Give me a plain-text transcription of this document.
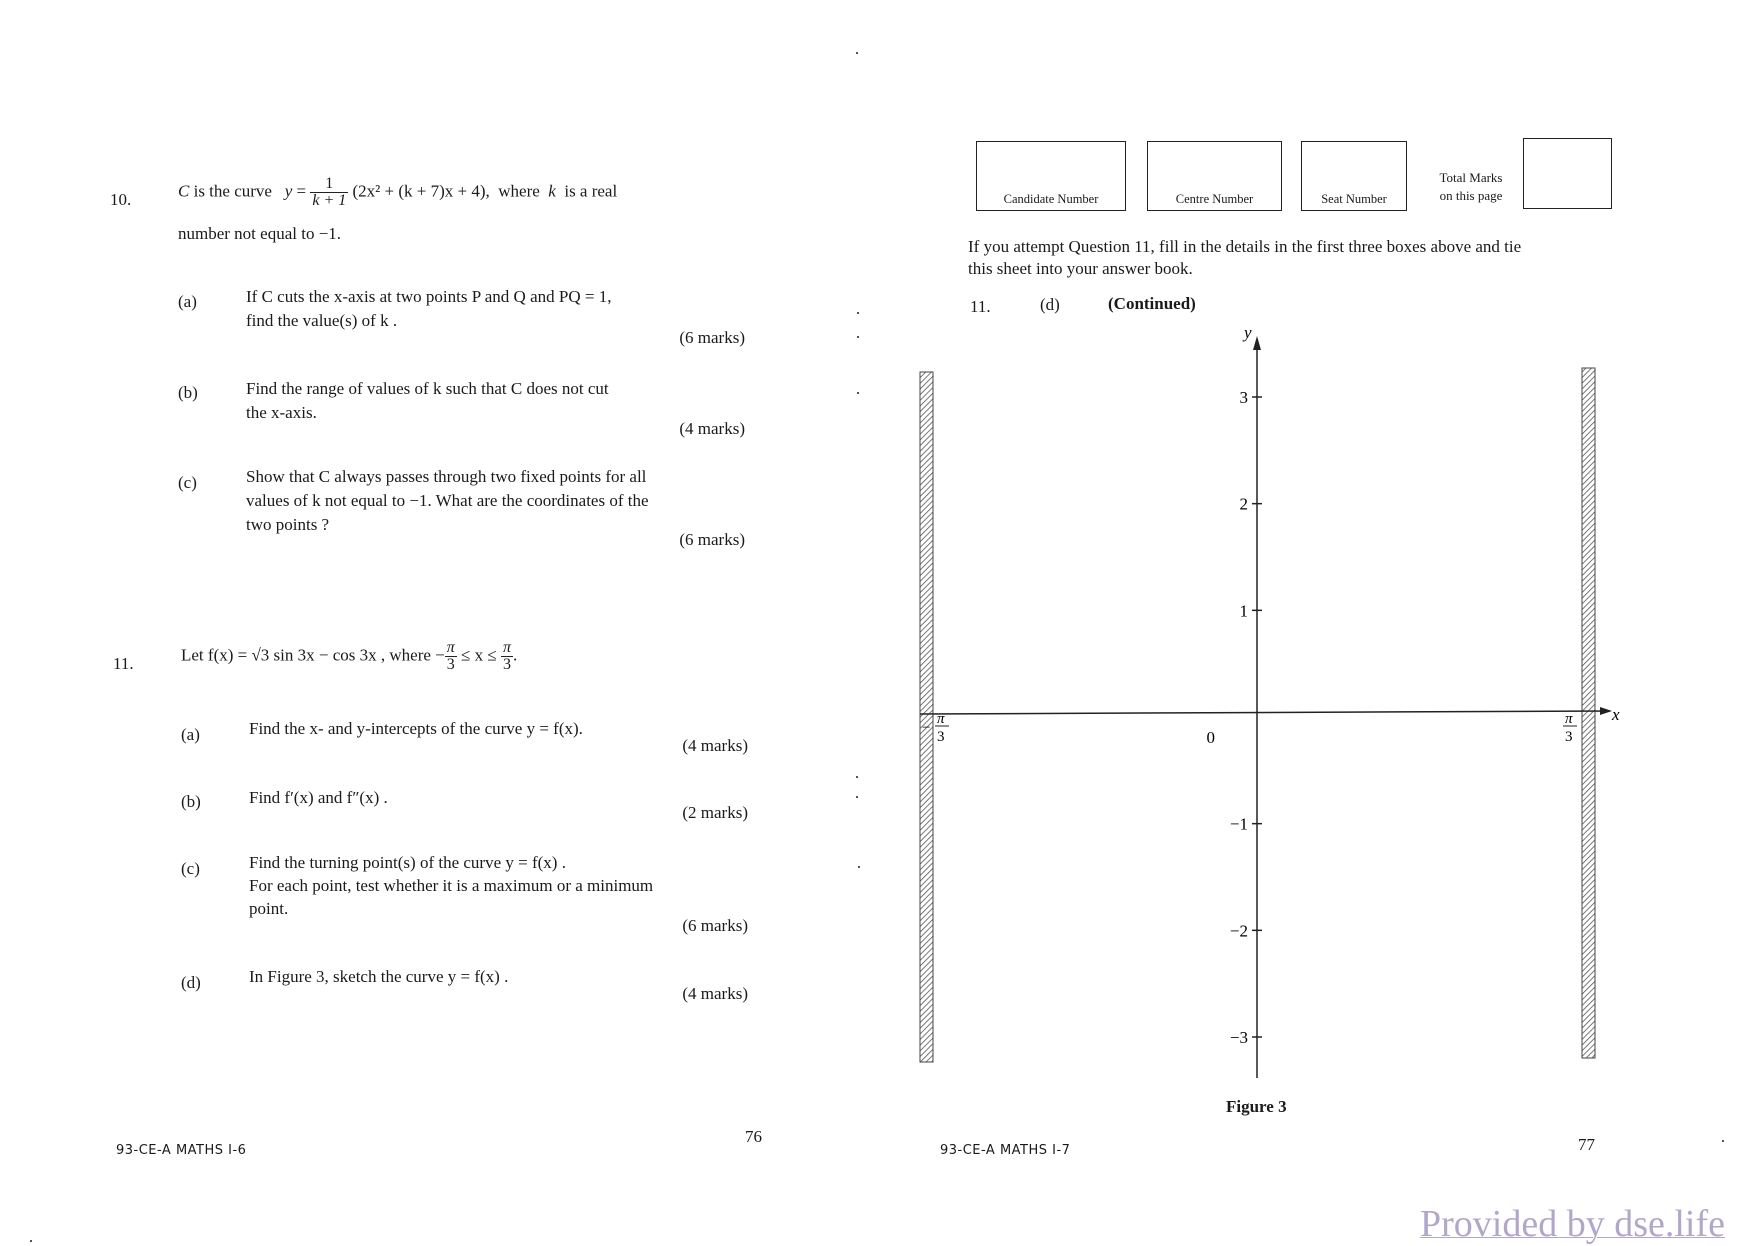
10.	C is the curve $y = \frac{1}{k + 1} (2x^2 + (k + 7)x + 4)$, where k is a real
number not equal to −1.
(a)	If C cuts the x-axis at two points P and Q and PQ = 1,
find the value(s) of k .
(6 marks)
(b)	Find the range of values of k such that C does not cut
the x-axis.
(4 marks)
(c)	Show that C always passes through two fixed points for all
values of k not equal to −1. What are the coordinates of the
two points ?
(6 marks)
11.	Let f(x) = √3 sin 3x − cos 3x , where − $\frac{\pi}{3} \le x \le \frac{\pi}{3}$ .
(a)	Find the x- and y-intercepts of the curve y = f(x).
(4 marks)
(b)	Find f′(x) and f″(x) .
(2 marks)
(c)	Find the turning point(s) of the curve y = f(x) .
For each point, test whether it is a maximum or a minimum
point.
(6 marks)
(d)	In Figure 3, sketch the curve y = f(x) .
(4 marks)
93-CE-A MATHS I-6
76
Candidate Number	Centre Number	Seat Number
Total Marks
on this page
If you attempt Question 11, fill in the details in the first three boxes above and tie
this sheet into your answer book.
11.	(d)	(Continued)
3
2
1
0
−1
−2
−3
y
x
−
π
3
π
3
Figure 3
93-CE-A MATHS I-7	77
Provided by dse.life
